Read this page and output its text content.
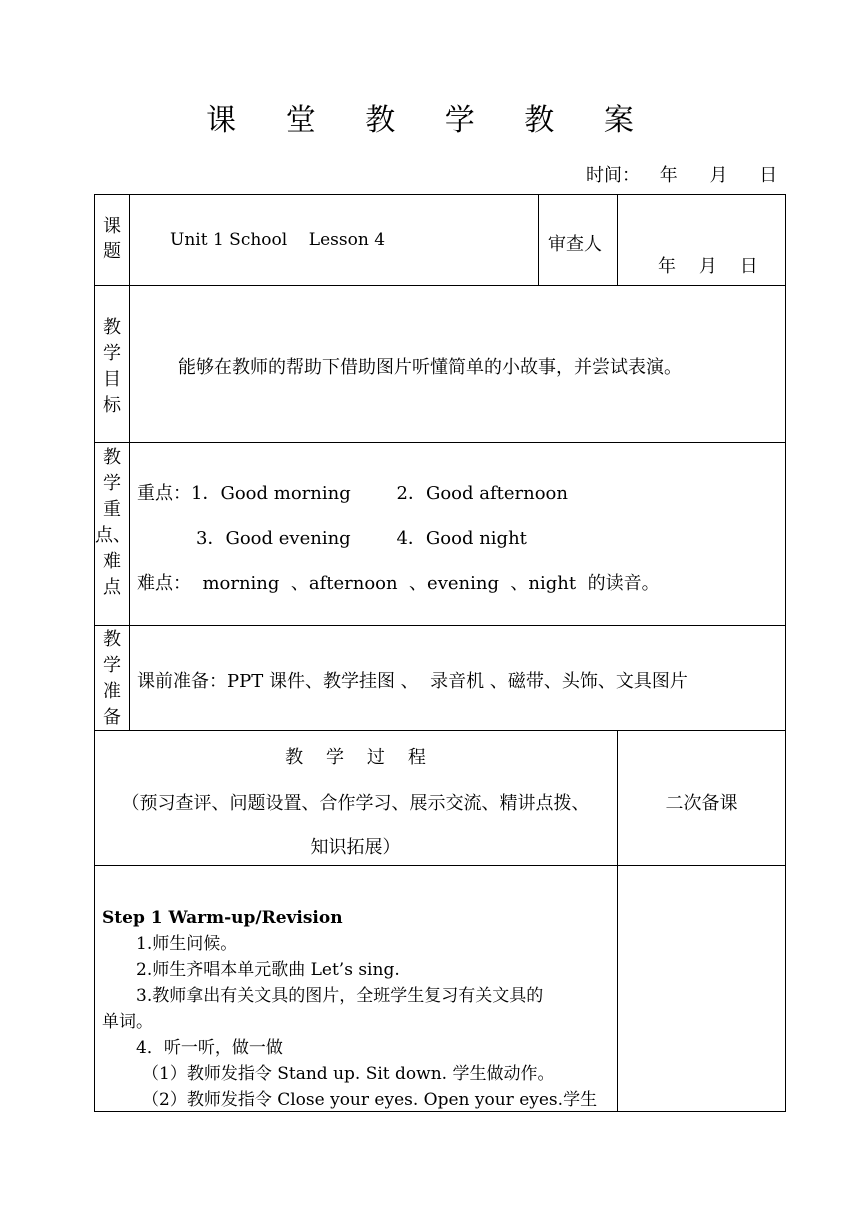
课 堂 教 学 教 案
时间： 年 月 日
课题
Unit 1 School    Lesson 4	审查人
年    月    日
教学目标
能够在教师的帮助下借助图片听懂简单的小故事，并尝试表演。
教学重点、难点
重点：1．Good morning        2．Good afternoon
3．Good evening        4．Good night
难点：  morning  、afternoon  、evening  、night  的读音。
教学准备
课前准备：PPT 课件、教学挂图 、  录音机 、磁带、头饰、文具图片
教    学    过    程
（预习查评、问题设置、合作学习、展示交流、精讲点拨、
知识拓展）
二次备课

Step 1 Warm-up/Revision

1.师生问候。

2.师生齐唱本单元歌曲 Let’s sing.

3.教师拿出有关文具的图片，全班学生复习有关文具的

单词。

4．听一听，做一做

（1）教师发指令 Stand up. Sit down. 学生做动作。

（2）教师发指令 Close your eyes. Open your eyes.学生
